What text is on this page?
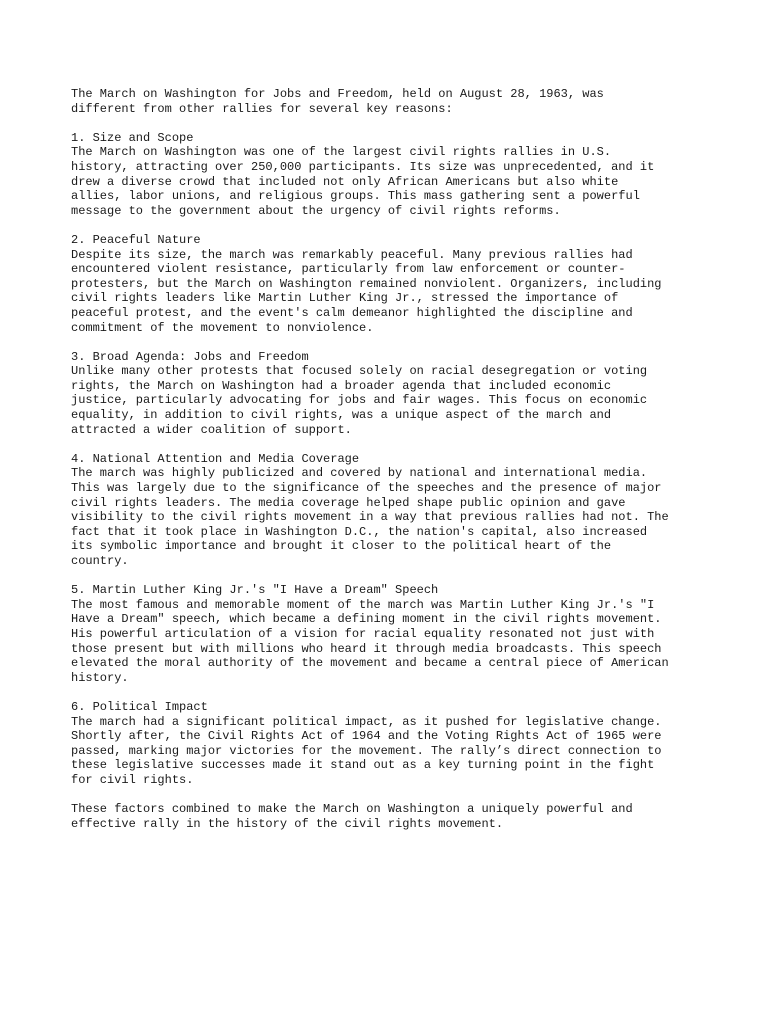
The March on Washington for Jobs and Freedom, held on August 28, 1963, was
different from other rallies for several key reasons:
1. Size and Scope
The March on Washington was one of the largest civil rights rallies in U.S.
history, attracting over 250,000 participants. Its size was unprecedented, and it
drew a diverse crowd that included not only African Americans but also white
allies, labor unions, and religious groups. This mass gathering sent a powerful
message to the government about the urgency of civil rights reforms.
2. Peaceful Nature
Despite its size, the march was remarkably peaceful. Many previous rallies had
encountered violent resistance, particularly from law enforcement or counter-
protesters, but the March on Washington remained nonviolent. Organizers, including
civil rights leaders like Martin Luther King Jr., stressed the importance of
peaceful protest, and the event's calm demeanor highlighted the discipline and
commitment of the movement to nonviolence.
3. Broad Agenda: Jobs and Freedom
Unlike many other protests that focused solely on racial desegregation or voting
rights, the March on Washington had a broader agenda that included economic
justice, particularly advocating for jobs and fair wages. This focus on economic
equality, in addition to civil rights, was a unique aspect of the march and
attracted a wider coalition of support.
4. National Attention and Media Coverage
The march was highly publicized and covered by national and international media.
This was largely due to the significance of the speeches and the presence of major
civil rights leaders. The media coverage helped shape public opinion and gave
visibility to the civil rights movement in a way that previous rallies had not. The
fact that it took place in Washington D.C., the nation's capital, also increased
its symbolic importance and brought it closer to the political heart of the
country.
5. Martin Luther King Jr.'s "I Have a Dream" Speech
The most famous and memorable moment of the march was Martin Luther King Jr.'s "I
Have a Dream" speech, which became a defining moment in the civil rights movement.
His powerful articulation of a vision for racial equality resonated not just with
those present but with millions who heard it through media broadcasts. This speech
elevated the moral authority of the movement and became a central piece of American
history.
6. Political Impact
The march had a significant political impact, as it pushed for legislative change.
Shortly after, the Civil Rights Act of 1964 and the Voting Rights Act of 1965 were
passed, marking major victories for the movement. The rally’s direct connection to
these legislative successes made it stand out as a key turning point in the fight
for civil rights.
These factors combined to make the March on Washington a uniquely powerful and
effective rally in the history of the civil rights movement.
